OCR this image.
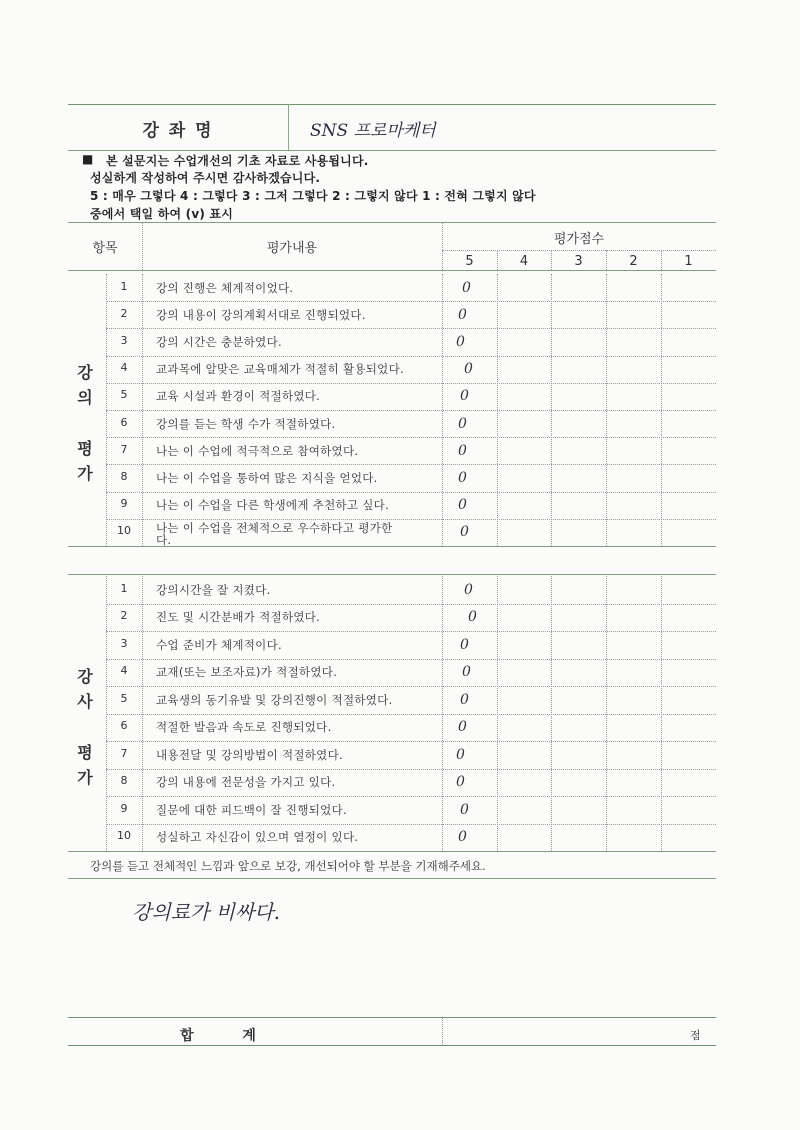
강 좌 명	SNS 프로마케터
■ 본 설문지는 수업개선의 기초 자료로 사용됩니다.
성실하게 작성하여 주시면 감사하겠습니다.
5 : 매우 그렇다 4 : 그렇다 3 : 그저 그렇다 2 : 그렇지 않다 1 : 전혀 그렇지 않다
중에서 택일 하여 (v) 표시
항목	평가내용
평가점수
5	4	3	2	1
강
의
평
가
1	강의 진행은 체계적이었다.	0
2	강의 내용이 강의계획서대로 진행되었다.	0
3	강의 시간은 충분하였다.	0
4	교과목에 알맞은 교육매체가 적절히 활용되었다.	0
5	교육 시설과 환경이 적절하였다.	0
6	강의를 듣는 학생 수가 적절하였다.	0
7	나는 이 수업에 적극적으로 참여하였다.	0
8	나는 이 수업을 통하여 많은 지식을 얻었다.	0
9	나는 이 수업을 다른 학생에게 추천하고 싶다.	0
10	나는 이 수업을 전체적으로 우수하다고 평가한
다.	0
강
사
평
가
1	강의시간을 잘 지켰다.	0
2	진도 및 시간분배가 적절하였다.	0
3	수업 준비가 체계적이다.	0
4	교재(또는 보조자료)가 적절하였다.	0
5	교육생의 동기유발 및 강의진행이 적절하였다.	0
6	적절한 발음과 속도로 진행되었다.	0
7	내용전달 및 강의방법이 적절하였다.	0
8	강의 내용에 전문성을 가지고 있다.	0
9	질문에 대한 피드백이 잘 진행되었다.	0
10	성실하고 자신감이 있으며 열정이 있다.	0
강의를 듣고 전체적인 느낌과 앞으로 보강, 개선되어야 할 부분을 기재해주세요.
강의료가 비싸다.
합          계	점
